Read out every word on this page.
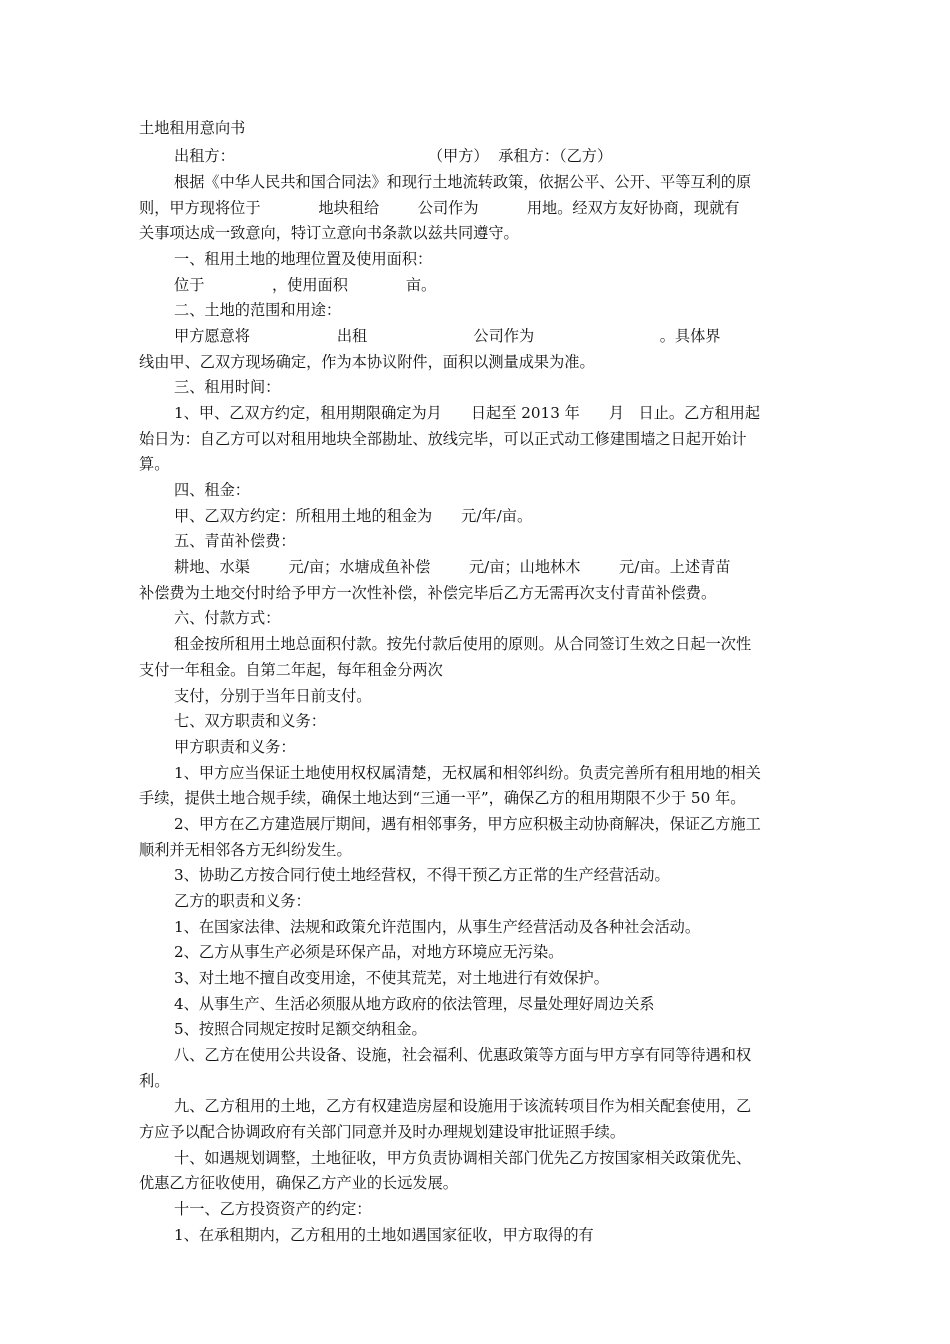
土地租用意向书
出租方：                                        （甲方）  承租方：（乙方）
根据《中华人民共和国合同法》和现行土地流转政策，依据公平、公开、平等互利的原
则，甲方现将位于            地块租给        公司作为          用地。经双方友好协商，现就有
关事项达成一致意向，特订立意向书条款以兹共同遵守。
一、租用土地的地理位置及使用面积：
位于              ，使用面积            亩。
二、土地的范围和用途：
甲方愿意将                  出租                      公司作为                          。具体界
线由甲、乙双方现场确定，作为本协议附件，面积以测量成果为准。
三、租用时间：
1、甲、乙双方约定，租用期限确定为月      日起至 2013 年      月   日止。乙方租用起
始日为：自乙方可以对租用地块全部勘址、放线完毕，可以正式动工修建围墙之日起开始计
算。
四、租金：
甲、乙双方约定：所租用土地的租金为      元/年/亩。
五、青苗补偿费：
耕地、水渠        元/亩；水塘成鱼补偿        元/亩；山地林木        元/亩。上述青苗
补偿费为土地交付时给予甲方一次性补偿，补偿完毕后乙方无需再次支付青苗补偿费。
六、付款方式：
租金按所租用土地总面积付款。按先付款后使用的原则。从合同签订生效之日起一次性
支付一年租金。自第二年起，每年租金分两次
支付，分别于当年日前支付。
七、双方职责和义务：
甲方职责和义务：
1、甲方应当保证土地使用权权属清楚，无权属和相邻纠纷。负责完善所有租用地的相关
手续，提供土地合规手续，确保土地达到“三通一平”，确保乙方的租用期限不少于 50 年。
2、甲方在乙方建造展厅期间，遇有相邻事务，甲方应积极主动协商解决，保证乙方施工
顺利并无相邻各方无纠纷发生。
3、协助乙方按合同行使土地经营权，不得干预乙方正常的生产经营活动。
乙方的职责和义务：
1、在国家法律、法规和政策允许范围内，从事生产经营活动及各种社会活动。
2、乙方从事生产必须是环保产品，对地方环境应无污染。
3、对土地不擅自改变用途，不使其荒芜，对土地进行有效保护。
4、从事生产、生活必须服从地方政府的依法管理，尽量处理好周边关系
5、按照合同规定按时足额交纳租金。
八、乙方在使用公共设备、设施，社会福利、优惠政策等方面与甲方享有同等待遇和权
利。
九、乙方租用的土地，乙方有权建造房屋和设施用于该流转项目作为相关配套使用，乙
方应予以配合协调政府有关部门同意并及时办理规划建设审批证照手续。
十、如遇规划调整，土地征收，甲方负责协调相关部门优先乙方按国家相关政策优先、
优惠乙方征收使用，确保乙方产业的长远发展。
十一、乙方投资资产的约定：
1、在承租期内，乙方租用的土地如遇国家征收，甲方取得的有
